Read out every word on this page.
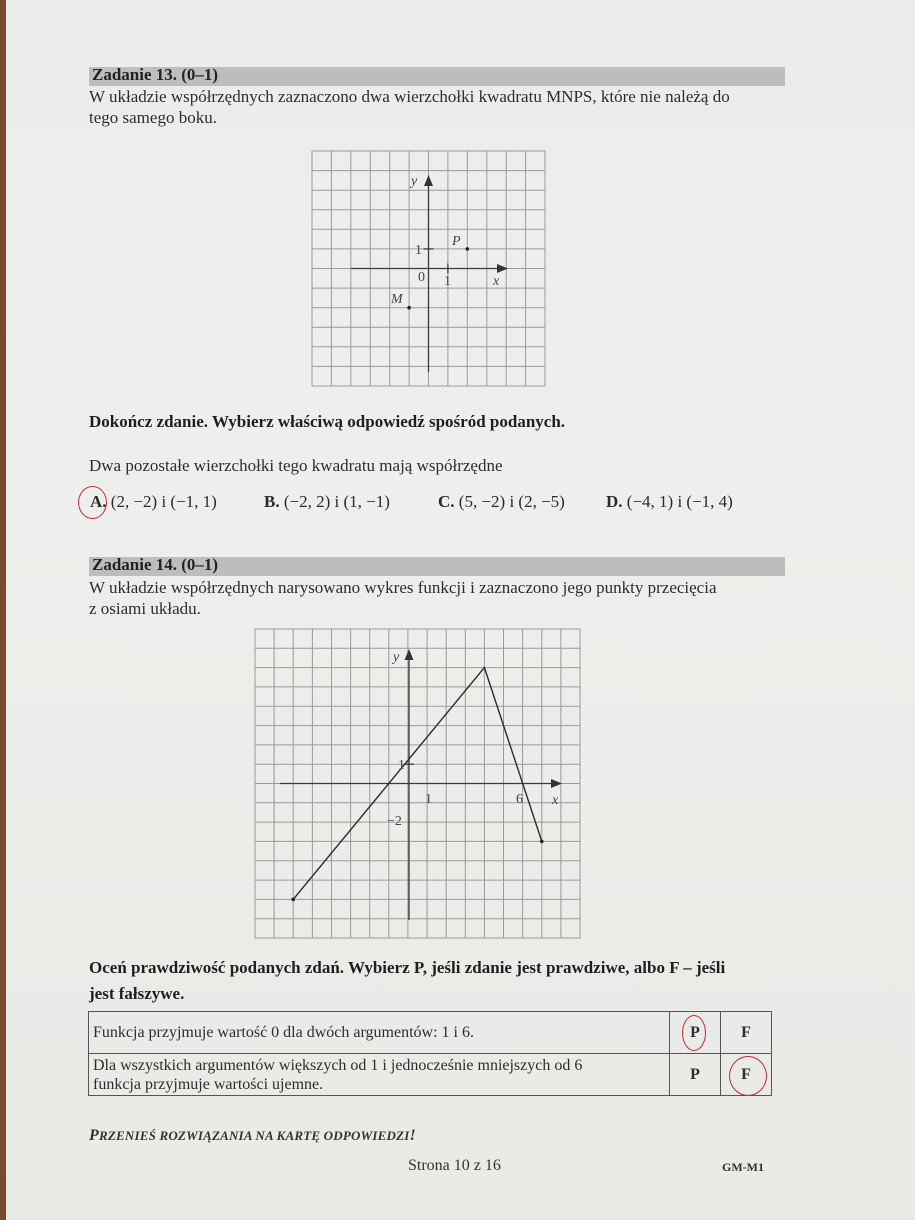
Zadanie 13. (0–1)
W układzie współrzędnych zaznaczono dwa wierzchołki kwadratu MNPS, które nie należą do
tego samego boku.
y
x
0 1
1
P
M
Dokończ zdanie. Wybierz właściwą odpowiedź spośród podanych.
Dwa pozostałe wierzchołki tego kwadratu mają współrzędne
A. (2, −2) i (−1, 1)	B. (−2, 2) i (1, −1)	C. (5, −2) i (2, −5) D. (−4, 1) i (−1, 4)
Zadanie 14. (0–1)
W układzie współrzędnych narysowano wykres funkcji i zaznaczono jego punkty przecięcia
z osiami układu.
y
x
1
1	6
−2
Oceń prawdziwość podanych zdań. Wybierz P, jeśli zdanie jest prawdziwe, albo F – jeśli
jest fałszywe.
Funkcja przyjmuje wartość 0 dla dwóch argumentów: 1 i 6.	P	F

Dla wszystkich argumentów większych od 1 i jednocześnie mniejszych od 6
funkcja przyjmuje wartości ujemne.	P	F
PRZENIEŚ ROZWIĄZANIA NA KARTĘ ODPOWIEDZI!
Strona 10 z 16	GM-M1
